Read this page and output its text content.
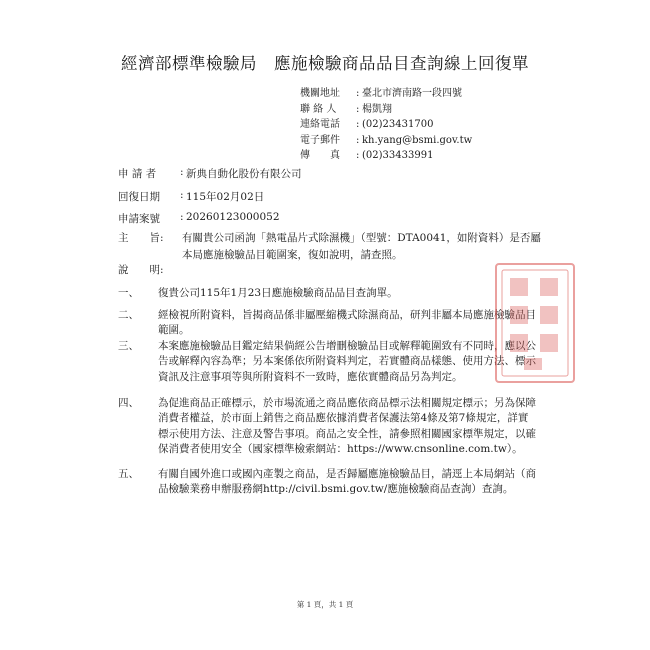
經濟部標準檢驗局　應施檢驗商品品目查詢線上回復單
機關地址	: 臺北市濟南路一段四號
聯 絡 人	: 楊凱翔
連絡電話	: (02)23431700
電子郵件	: kh.yang@bsmi.gov.tw
傳　　真	: (02)33433991
申 請 者	: 新典自動化股份有限公司
回復日期	: 115年02月02日
申請案號	: 20260123000052
主　　旨:	有關貴公司函詢「熱電晶片式除濕機」（型號：DTA0041，如附資料）是否屬本局應施檢驗品目範圍案，復如說明，請查照。
說　　明:
一、	復貴公司115年1月23日應施檢驗商品品目查詢單。
二、	經檢視所附資料，旨揭商品係非屬壓縮機式除濕商品，研判非屬本局應施檢驗品目範圍。
三、	本案應施檢驗品目鑑定結果倘經公告增刪檢驗品目或解釋範圍致有不同時，應以公告或解釋內容為準；另本案係依所附資料判定，若實體商品樣態、使用方法、標示資訊及注意事項等與所附資料不一致時，應依實體商品另為判定。
四、	為促進商品正確標示，於市場流通之商品應依商品標示法相關規定標示；另為保障消費者權益，於市面上銷售之商品應依據消費者保護法第4條及第7條規定，詳實標示使用方法、注意及警告事項。商品之安全性，請參照相關國家標準規定，以確保消費者使用安全（國家標準檢索網站：https://www.cnsonline.com.tw）。
五、	有關自國外進口或國內產製之商品，是否歸屬應施檢驗品目，請逕上本局網站（商品檢驗業務申辦服務網http://civil.bsmi.gov.tw/應施檢驗商品查詢）查詢。
第 1 頁，共 1 頁
